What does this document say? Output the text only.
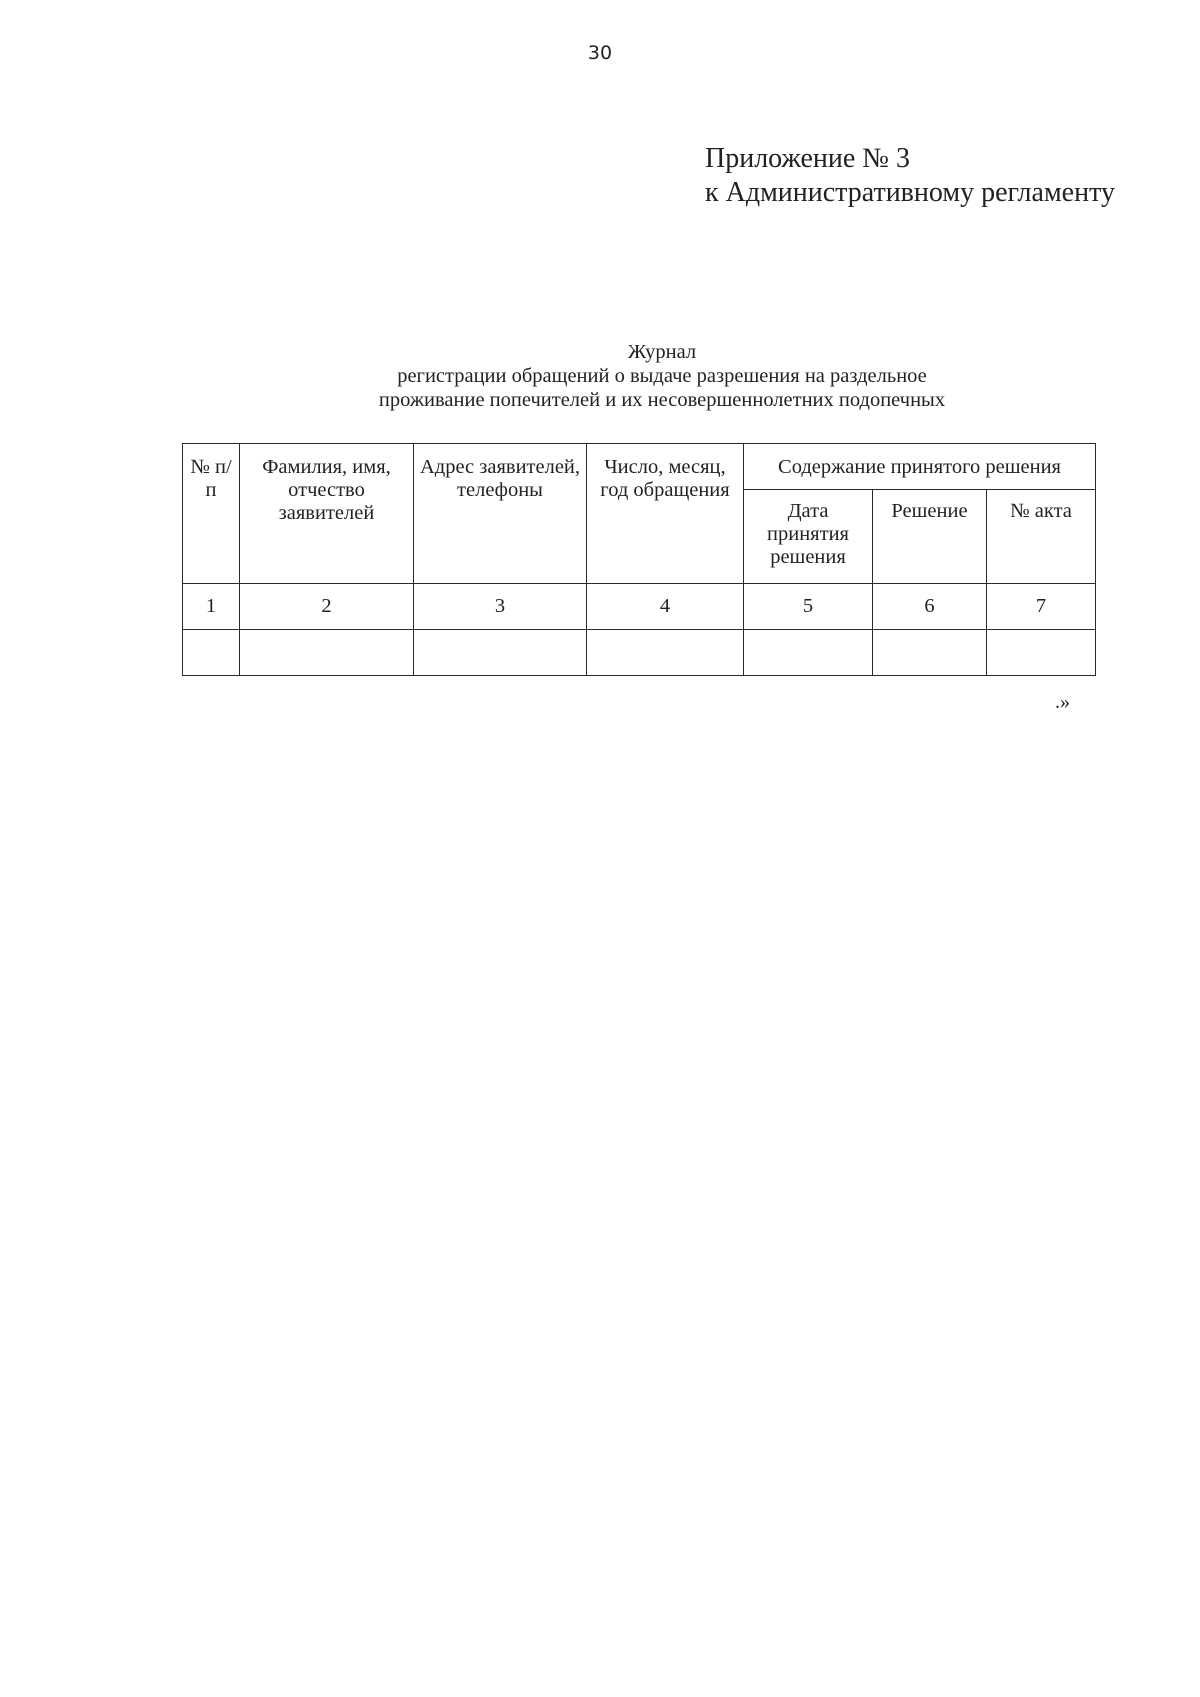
30
Приложение № 3
к Административному регламенту
Журнал
регистрации обращений о выдаче разрешения на раздельное
проживание попечителей и их несовершеннолетних подопечных
№ п/п	Фамилия, имя, отчество заявителей	Адрес заявителей, телефоны	Число, месяц, год обращения	Содержание принятого решения		
				Дата принятия решения	Решение	№ акта
1	2	3	4	5	6	7

.»
